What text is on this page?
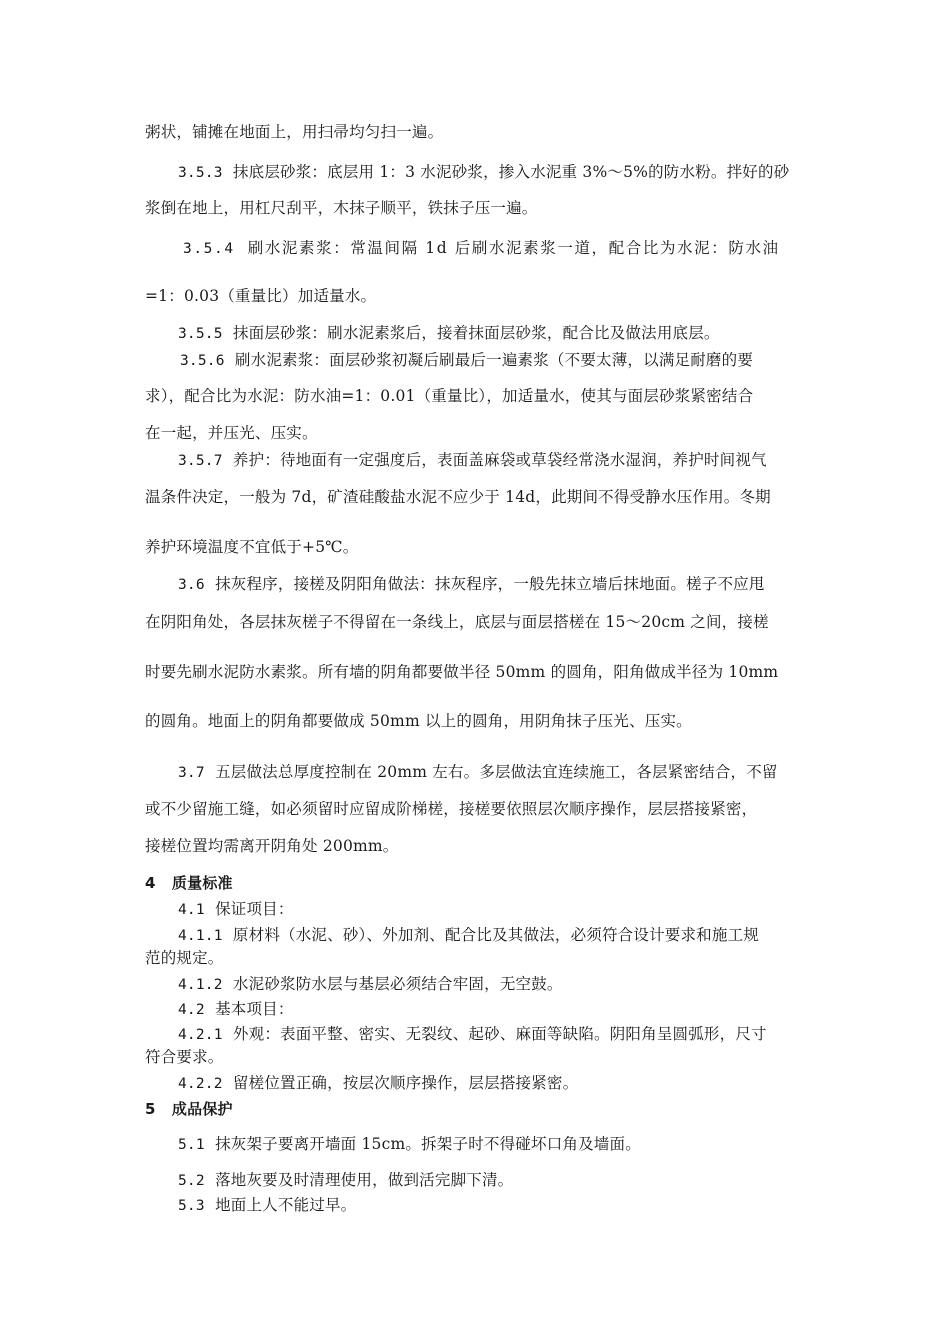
粥状，铺摊在地面上，用扫帚均匀扫一遍。
3.5.3 抹底层砂浆：底层用 1：3 水泥砂浆，掺入水泥重 3%～5%的防水粉。拌好的砂
浆倒在地上，用杠尺刮平，木抹子顺平，铁抹子压一遍。
3.5.4 刷水泥素浆：常温间隔 1d 后刷水泥素浆一道，配合比为水泥：防水油
=1：0.03（重量比）加适量水。
3.5.5 抹面层砂浆：刷水泥素浆后，接着抹面层砂浆，配合比及做法用底层。
3.5.6 刷水泥素浆：面层砂浆初凝后刷最后一遍素浆（不要太薄，以满足耐磨的要
求），配合比为水泥：防水油=1：0.01（重量比），加适量水，使其与面层砂浆紧密结合
在一起，并压光、压实。
3.5.7 养护：待地面有一定强度后，表面盖麻袋或草袋经常浇水湿润，养护时间视气
温条件决定，一般为 7d，矿渣硅酸盐水泥不应少于 14d，此期间不得受静水压作用。冬期
养护环境温度不宜低于+5℃。
3.6 抹灰程序，接槎及阴阳角做法：抹灰程序，一般先抹立墙后抹地面。槎子不应甩
在阴阳角处，各层抹灰槎子不得留在一条线上，底层与面层搭槎在 15～20cm 之间，接槎
时要先刷水泥防水素浆。所有墙的阴角都要做半径 50mm 的圆角，阳角做成半径为 10mm
的圆角。地面上的阴角都要做成 50mm 以上的圆角，用阴角抹子压光、压实。
3.7 五层做法总厚度控制在 20mm 左右。多层做法宜连续施工，各层紧密结合，不留
或不少留施工缝，如必须留时应留成阶梯槎，接槎要依照层次顺序操作，层层搭接紧密，
接槎位置均需离开阴角处 200mm。
4 质量标准
4.1 保证项目：
4.1.1 原材料（水泥、砂）、外加剂、配合比及其做法，必须符合设计要求和施工规
范的规定。
4.1.2 水泥砂浆防水层与基层必须结合牢固，无空鼓。
4.2 基本项目：
4.2.1 外观：表面平整、密实、无裂纹、起砂、麻面等缺陷。阴阳角呈圆弧形，尺寸
符合要求。
4.2.2 留槎位置正确，按层次顺序操作，层层搭接紧密。
5 成品保护
5.1 抹灰架子要离开墙面 15cm。拆架子时不得碰坏口角及墙面。
5.2 落地灰要及时清理使用，做到活完脚下清。
5.3 地面上人不能过早。
